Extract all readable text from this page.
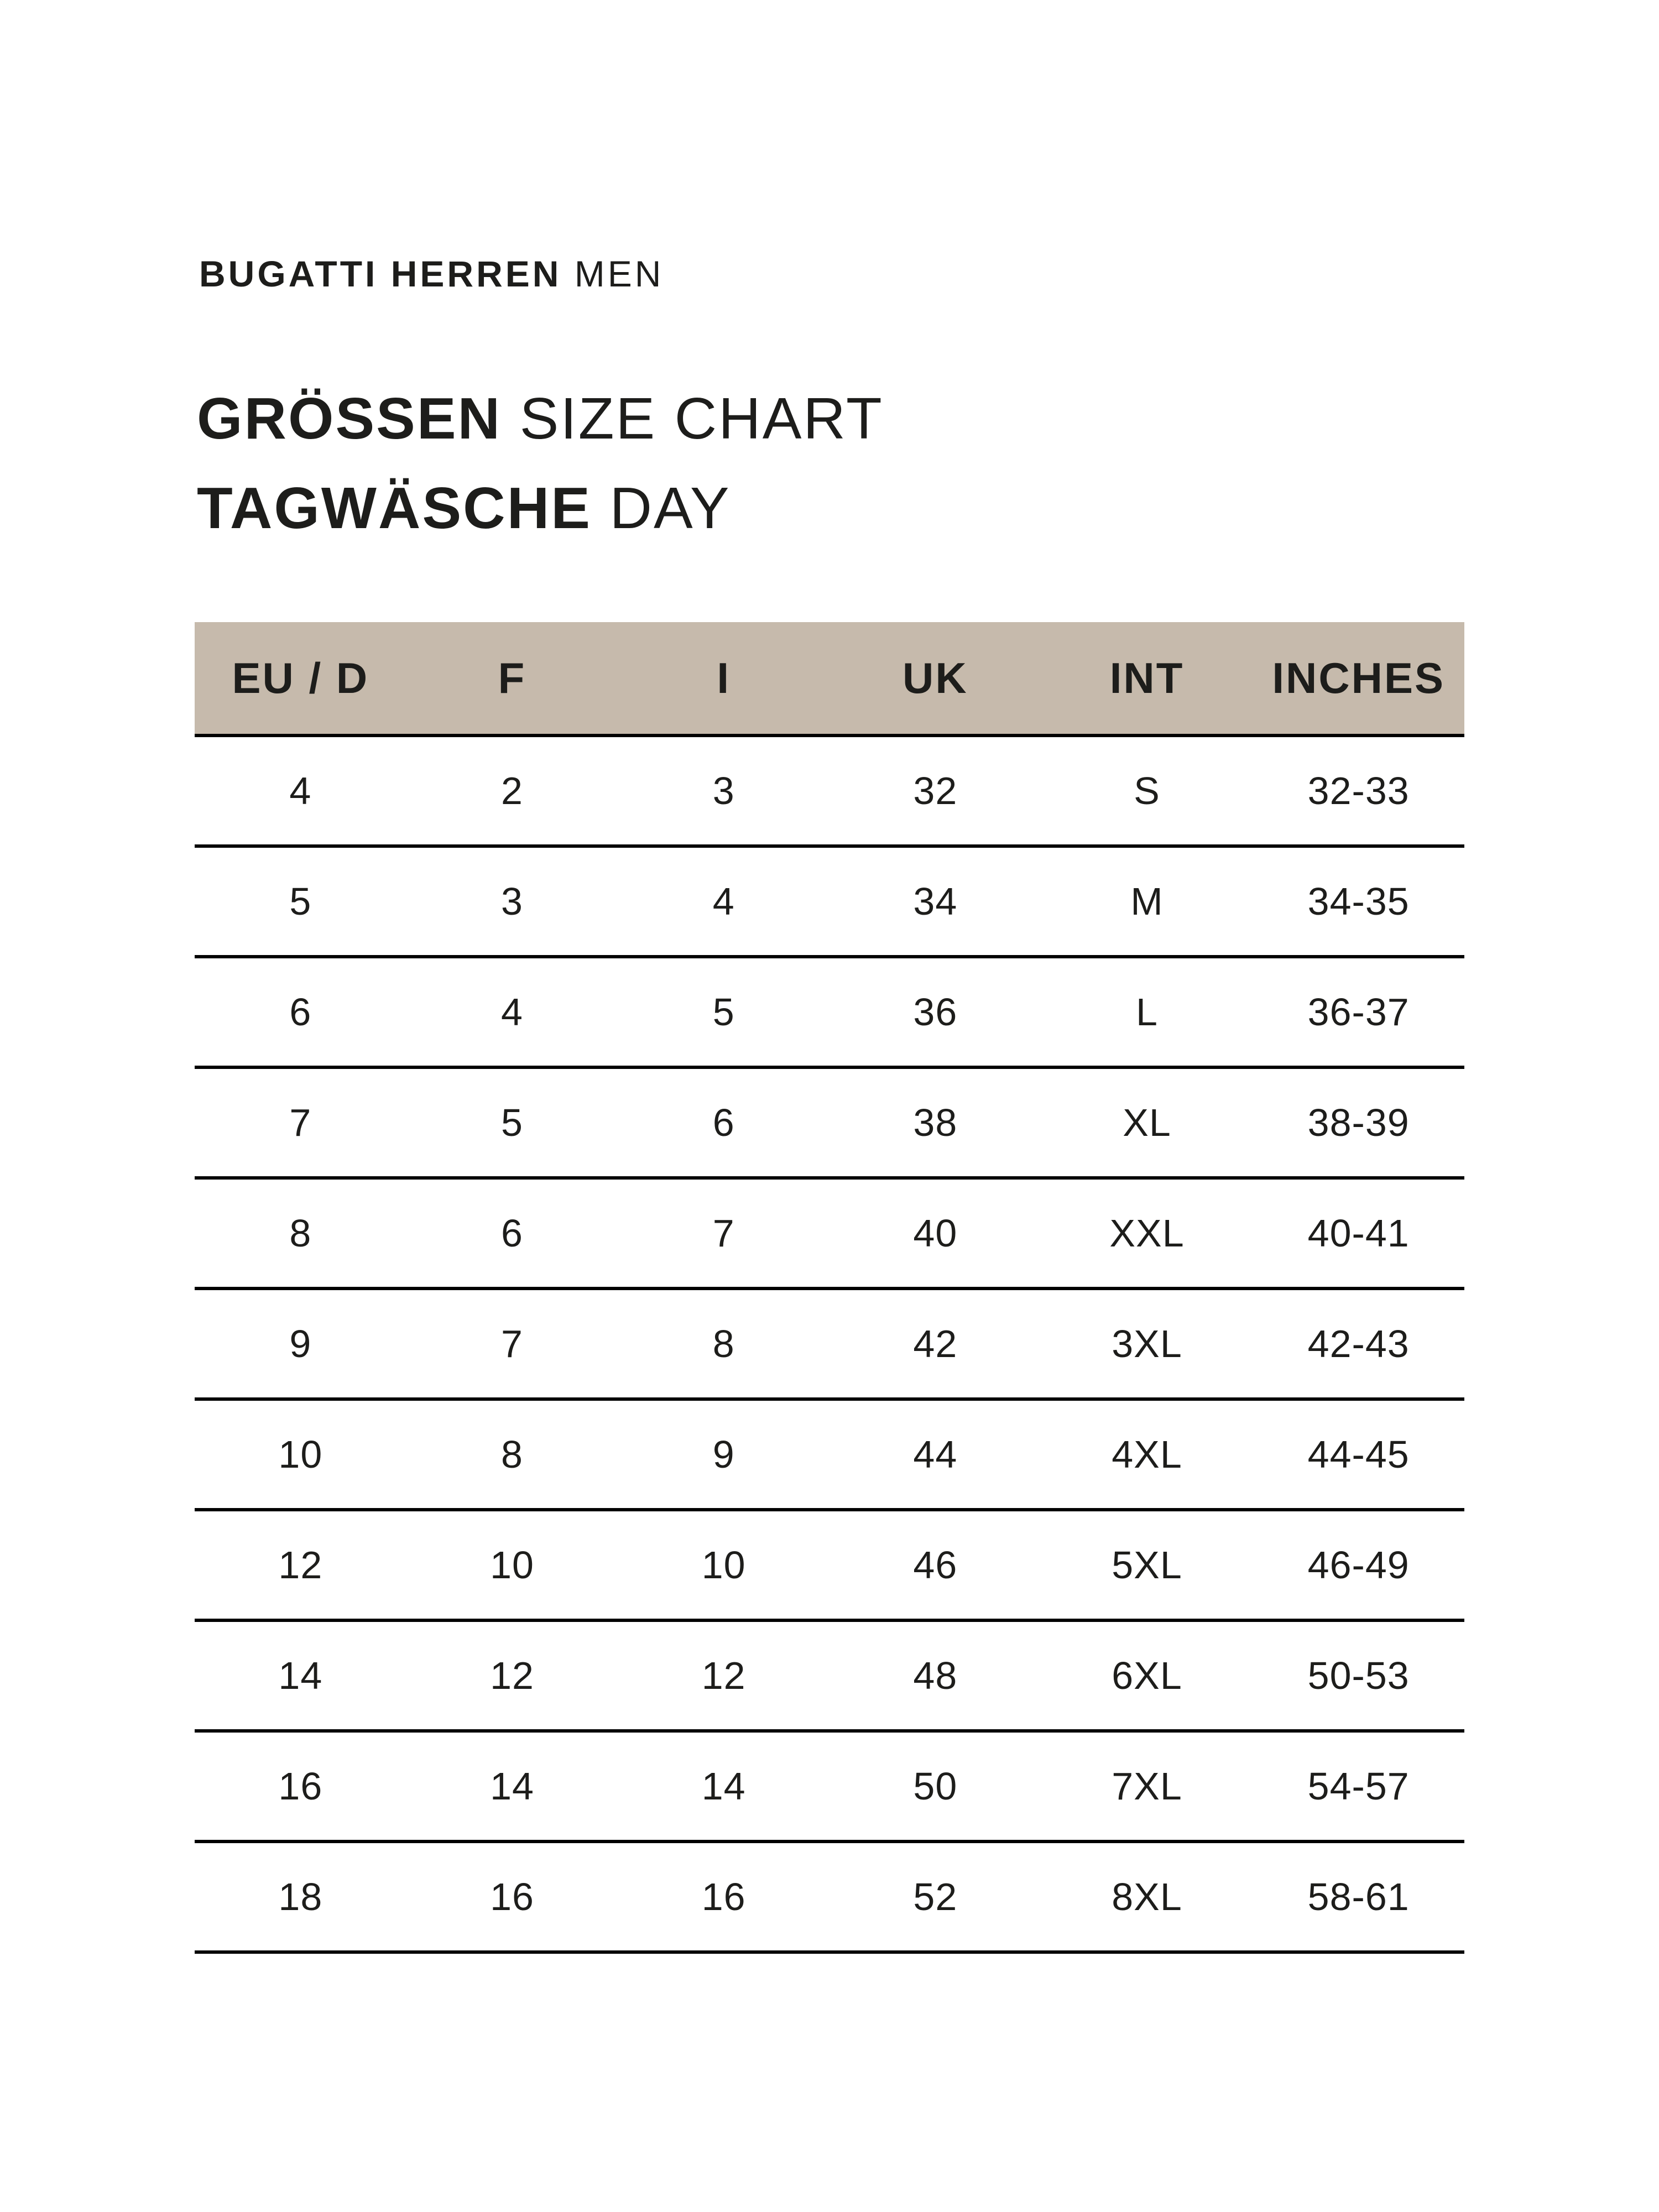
BUGATTI HERREN MEN
GRÖSSEN SIZE CHART
TAGWÄSCHE DAY
EU / D	F	I	UK	INT	INCHES
4	2	3	32	S	32-33
5	3	4	34	M	34-35
6	4	5	36	L	36-37
7	5	6	38	XL	38-39
8	6	7	40	XXL	40-41
9	7	8	42	3XL	42-43
10	8	9	44	4XL	44-45
12	10	10	46	5XL	46-49
14	12	12	48	6XL	50-53
16	14	14	50	7XL	54-57
18	16	16	52	8XL	58-61
